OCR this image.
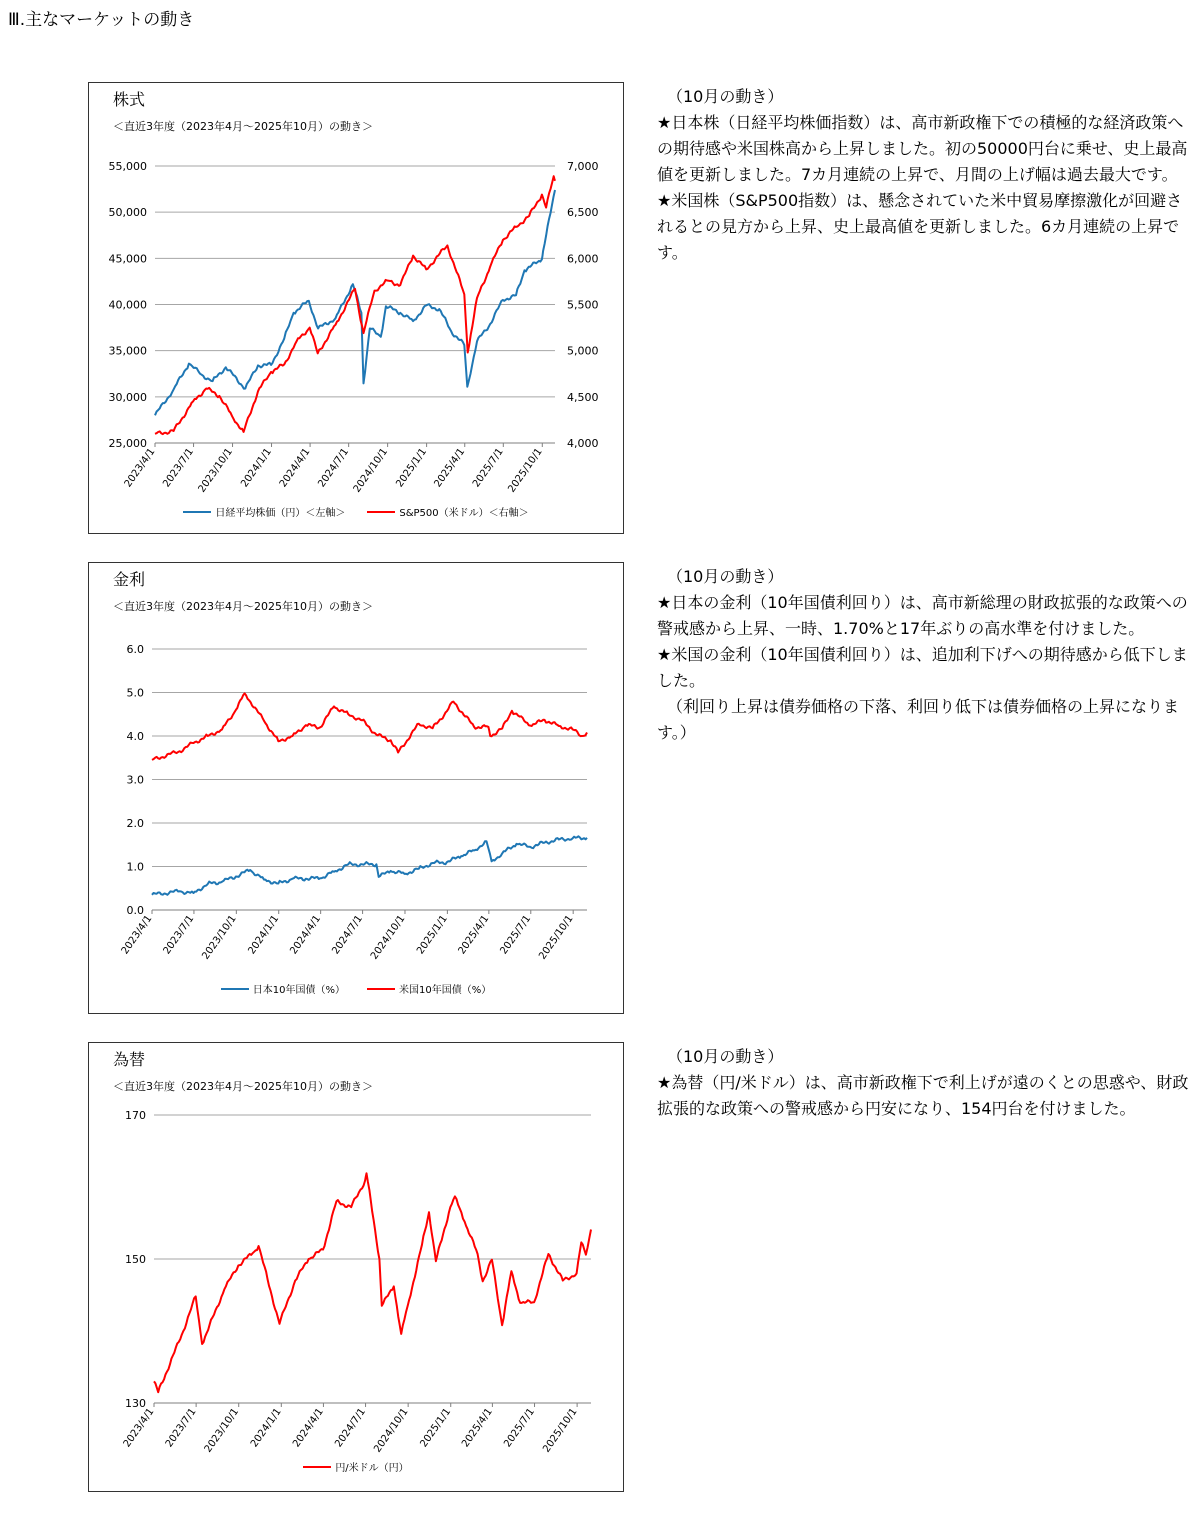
Ⅲ.主なマーケットの動き
株式
＜直近3年度（2023年4月～2025年10月）の動き＞
25,000
30,000
35,000
40,000
45,000
50,000
55,000
4,000
4,500
5,000
5,500
6,000
6,500
7,000
2023/4/1 2023/7/1 2023/10/1 2024/1/1 2024/4/1 2024/7/1 2024/10/1 2025/1/1 2025/4/1 2025/7/1 2025/10/1
日経平均株価（円）＜左軸＞	S&P500（米ドル）＜右軸＞

（10月の動き）

★日本株（日経平均株価指数）は、高市新政権下での積極的な経済政策への期待感や米国株高から上昇しました。初の50000円台に乗せ、史上最高値を更新しました。7カ月連続の上昇で、月間の上げ幅は過去最大です。

★米国株（S&P500指数）は、懸念されていた米中貿易摩擦激化が回避されるとの見方から上昇、史上最高値を更新しました。6カ月連続の上昇です。

金利
＜直近3年度（2023年4月～2025年10月）の動き＞
0.0
1.0
2.0
3.0
4.0
5.0
6.0
2023/4/1 2023/7/1 2023/10/1 2024/1/1 2024/4/1 2024/7/1 2024/10/1 2025/1/1 2025/4/1 2025/7/1 2025/10/1
日本10年国債（%）	米国10年国債（%）

（10月の動き）

★日本の金利（10年国債利回り）は、高市新総理の財政拡張的な政策への警戒感から上昇、一時、1.70%と17年ぶりの高水準を付けました。

★米国の金利（10年国債利回り）は、追加利下げへの期待感から低下しました。

（利回り上昇は債券価格の下落、利回り低下は債券価格の上昇になります。）

為替
＜直近3年度（2023年4月～2025年10月）の動き＞
130
150
170
2023/4/1 2023/7/1 2023/10/1 2024/1/1 2024/4/1 2024/7/1 2024/10/1 2025/1/1 2025/4/1 2025/7/1 2025/10/1
円/米ドル（円）

（10月の動き）

★為替（円/米ドル）は、高市新政権下で利上げが遠のくとの思惑や、財政拡張的な政策への警戒感から円安になり、154円台を付けました。
